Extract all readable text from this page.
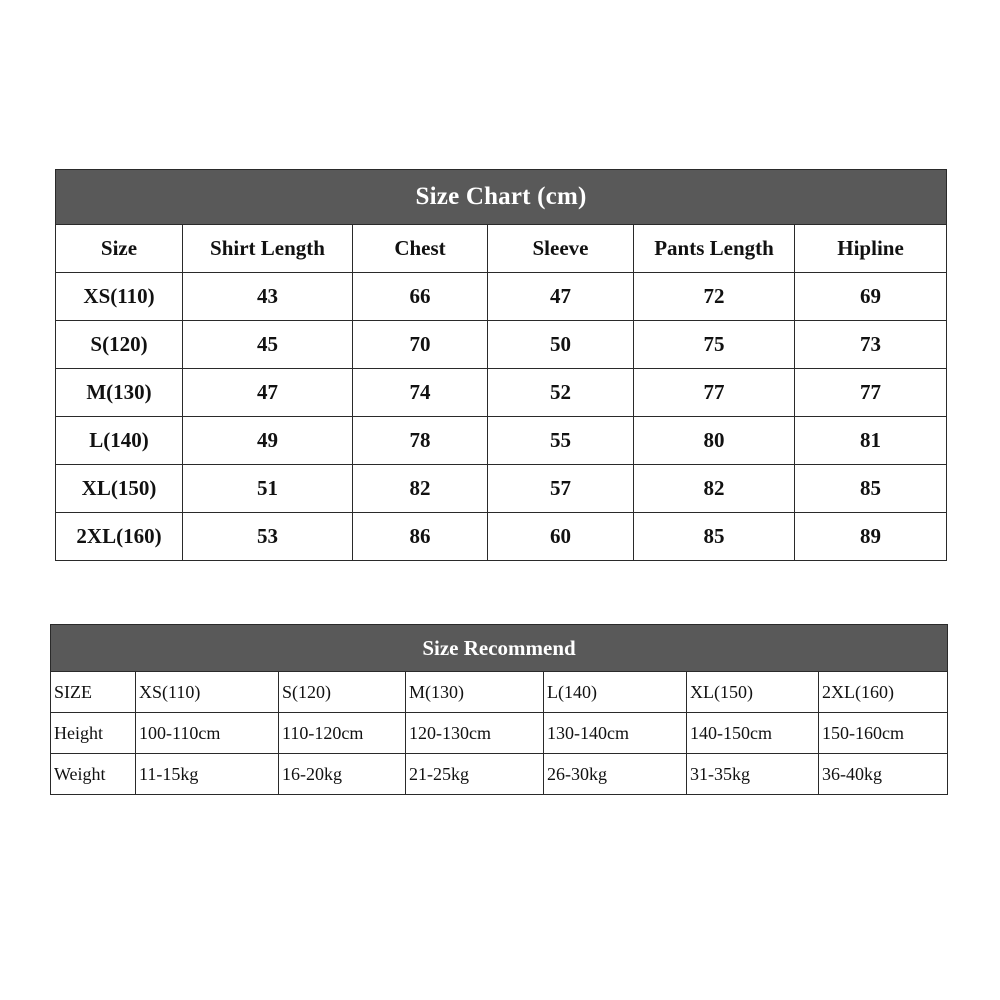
Size Chart (cm)					
Size	Shirt Length	Chest	Sleeve	Pants Length	Hipline
XS(110)	43	66	47	72	69
S(120)	45	70	50	75	73
M(130)	47	74	52	77	77
L(140)	49	78	55	80	81
XL(150)	51	82	57	82	85
2XL(160)	53	86	60	85	89
Size Recommend						
SIZE	XS(110)	S(120)	M(130)	L(140)	XL(150)	2XL(160)
Height	100-110cm	110-120cm	120-130cm	130-140cm	140-150cm	150-160cm
Weight	11-15kg	16-20kg	21-25kg	26-30kg	31-35kg	36-40kg
